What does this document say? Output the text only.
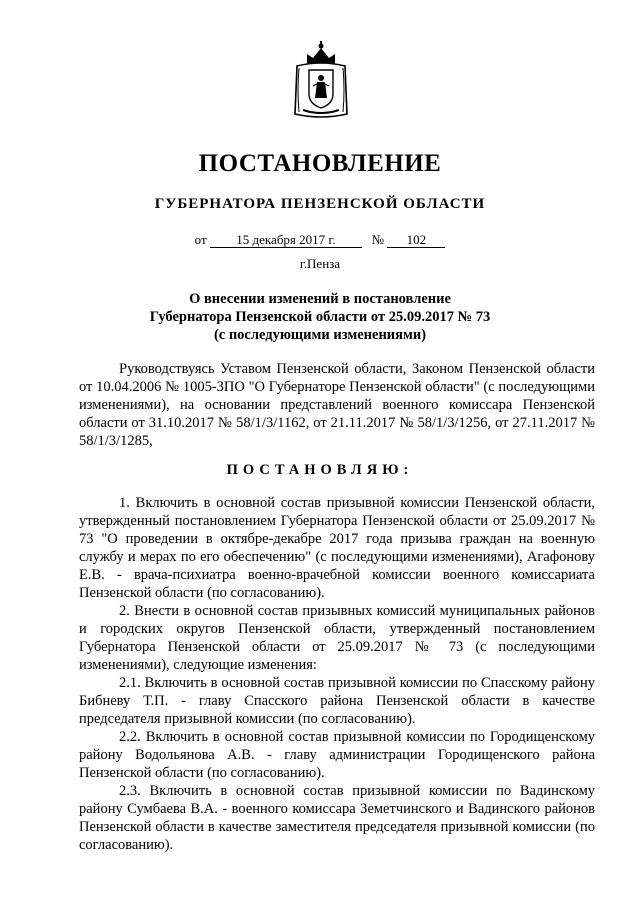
ПОСТАНОВЛЕНИЕ
ГУБЕРНАТОРА ПЕНЗЕНСКОЙ ОБЛАСТИ
от 15 декабря 2017 г.	№ 102
г.Пенза
О внесении изменений в постановление
Губернатора Пензенской области от 25.09.2017 № 73
(с последующими изменениями)

Руководствуясь Уставом Пензенской области, Законом Пензенской области от 10.04.2006 № 1005-ЗПО "О Губернаторе Пензенской области" (с последующими изменениями), на основании представлений военного комиссара Пензенской области от 31.10.2017 № 58/1/3/1162, от 21.11.2017 № 58/1/3/1256, от 27.11.2017 № 58/1/3/1285,

ПОСТАНОВЛЯЮ:

1. Включить в основной состав призывной комиссии Пензенской области, утвержденный постановлением Губернатора Пензенской области от 25.09.2017 № 73 "О проведении в октябре-декабре 2017 года призыва граждан на военную службу и мерах по его обеспечению" (с последующими изменениями), Агафонову Е.В. - врача-психиатра военно-врачебной комиссии военного комиссариата Пензенской области (по согласованию).

2. Внести в основной состав призывных комиссий муниципальных районов и городских округов Пензенской области, утвержденный постановлением Губернатора Пензенской области от 25.09.2017 № 73 (с последующими изменениями), следующие изменения:

2.1. Включить в основной состав призывной комиссии по Спасскому району Бибневу Т.П. - главу Спасского района Пензенской области в качестве председателя призывной комиссии (по согласованию).

2.2. Включить в основной состав призывной комиссии по Городищенскому району Водольянова А.В. - главу администрации Городищенского района Пензенской области (по согласованию).

2.3. Включить в основной состав призывной комиссии по Вадинскому району Сумбаева В.А. - военного комиссара Земетчинского и Вадинского районов Пензенской области в качестве заместителя председателя призывной комиссии (по согласованию).
